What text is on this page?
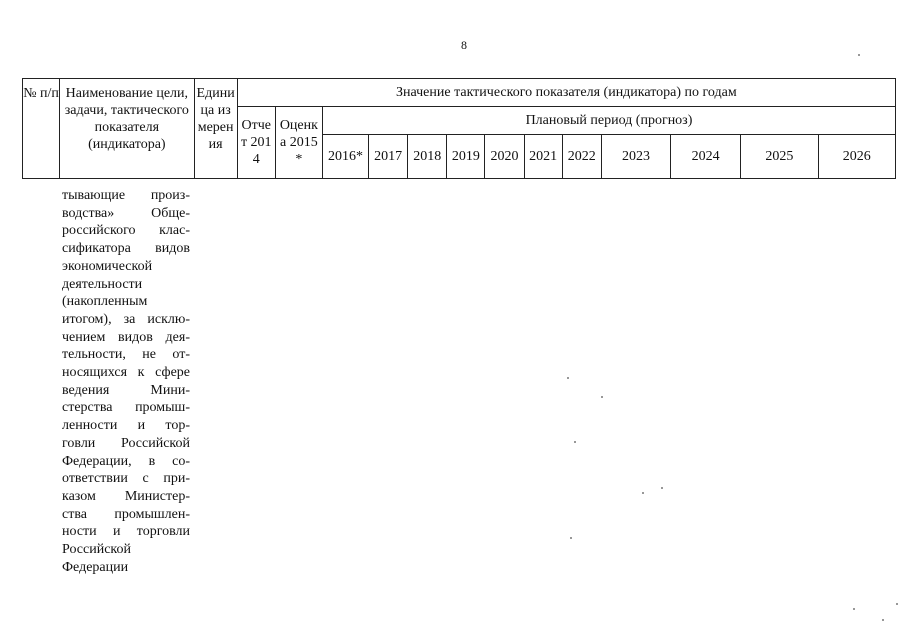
8
№ п/п	Наименование цели, задачи, тактического показателя (индикатора)	Единица измерения	Значение тактического показателя (индикатора) по годам												
			Отчет 2014	Оценка 2015*	Плановый период (прогноз)										
					2016*	2017	2018	2019	2020	2021	2022	2023	2024	2025	2026
тывающие произ-
водства» Обще-
российского клас-
сификатора видов
экономической
деятельности
(накопленным
итогом), за исклю-
чением видов дея-
тельности, не от-
носящихся к сфере
ведения Мини-
стерства промыш-
ленности и тор-
говли Российской
Федерации, в со-
ответствии с при-
казом Министер-
ства промышлен-
ности и торговли
Российской
Федерации
